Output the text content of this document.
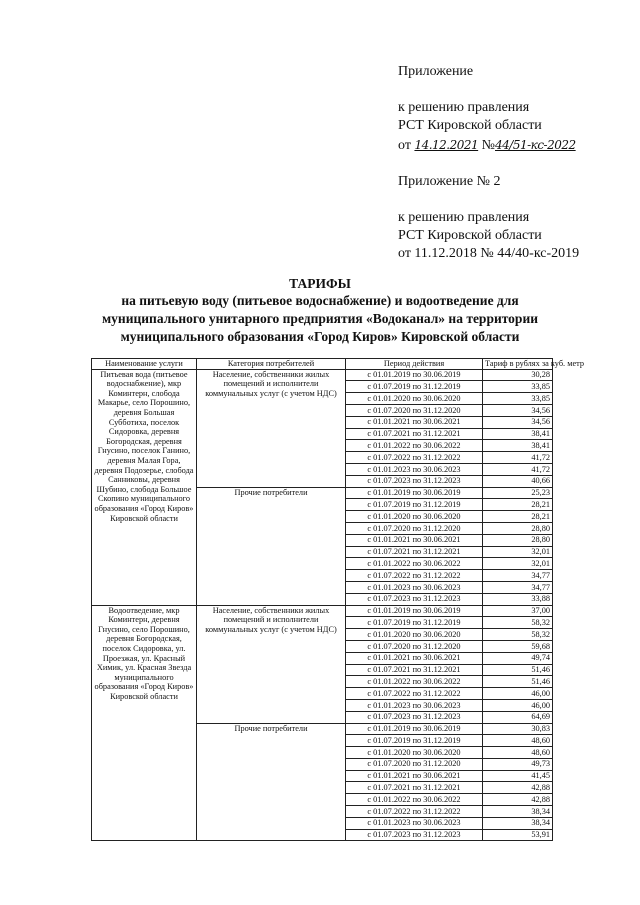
Приложение
к решению правления
РСТ Кировской области
от 14.12.2021 №44/51-кс-2022
Приложение № 2
к решению правления
РСТ Кировской области
от 11.12.2018 № 44/40-кс-2019
ТАРИФЫ
на питьевую воду (питьевое водоснабжение) и водоотведение для
муниципального унитарного предприятия «Водоканал» на территории
муниципального образования «Город Киров» Кировской области
Наименование услуги	Категория потребителей	Период действия	Тариф в рублях за куб. метр
Питьевая вода (питьевое водоснабжение), мкр Коминтерн, слобода Макарье, село Порошино, деревня Большая Субботиха, поселок Сидоровка, деревня Богородская, деревня Гнусино, поселок Ганино, деревня Малая Гора, деревня Подозерье, слобода Санниковы, деревня Шубино, слобода Большое Скопино муниципального образования «Город Киров» Кировской области	Население, собственники жилых помещений и исполнители коммунальных услуг (с учетом НДС)	с 01.01.2019 по 30.06.2019	30,28
		с 01.07.2019 по 31.12.2019	33,85
		с 01.01.2020 по 30.06.2020	33,85
		с 01.07.2020 по 31.12.2020	34,56
		с 01.01.2021 по 30.06.2021	34,56
		с 01.07.2021 по 31.12.2021	38,41
		с 01.01.2022 по 30.06.2022	38,41
		с 01.07.2022 по 31.12.2022	41,72
		с 01.01.2023 по 30.06.2023	41,72
		с 01.07.2023 по 31.12.2023	40,66
	Прочие потребители	с 01.01.2019 по 30.06.2019	25,23
		с 01.07.2019 по 31.12.2019	28,21
		с 01.01.2020 по 30.06.2020	28,21
		с 01.07.2020 по 31.12.2020	28,80
		с 01.01.2021 по 30.06.2021	28,80
		с 01.07.2021 по 31.12.2021	32,01
		с 01.01.2022 по 30.06.2022	32,01
		с 01.07.2022 по 31.12.2022	34,77
		с 01.01.2023 по 30.06.2023	34,77
		с 01.07.2023 по 31.12.2023	33,88
Водоотведение, мкр Коминтерн, деревня Гнусино, село Порошино, деревня Богородская, поселок Сидоровка, ул. Проезжая, ул. Красный Химик, ул. Красная Звезда муниципального образования «Город Киров» Кировской области	Население, собственники жилых помещений и исполнители коммунальных услуг (с учетом НДС)	с 01.01.2019 по 30.06.2019	37,00
		с 01.07.2019 по 31.12.2019	58,32
		с 01.01.2020 по 30.06.2020	58,32
		с 01.07.2020 по 31.12.2020	59,68
		с 01.01.2021 по 30.06.2021	49,74
		с 01.07.2021 по 31.12.2021	51,46
		с 01.01.2022 по 30.06.2022	51,46
		с 01.07.2022 по 31.12.2022	46,00
		с 01.01.2023 по 30.06.2023	46,00
		с 01.07.2023 по 31.12.2023	64,69
	Прочие потребители	с 01.01.2019 по 30.06.2019	30,83
		с 01.07.2019 по 31.12.2019	48,60
		с 01.01.2020 по 30.06.2020	48,60
		с 01.07.2020 по 31.12.2020	49,73
		с 01.01.2021 по 30.06.2021	41,45
		с 01.07.2021 по 31.12.2021	42,88
		с 01.01.2022 по 30.06.2022	42,88
		с 01.07.2022 по 31.12.2022	38,34
		с 01.01.2023 по 30.06.2023	38,34
		с 01.07.2023 по 31.12.2023	53,91
